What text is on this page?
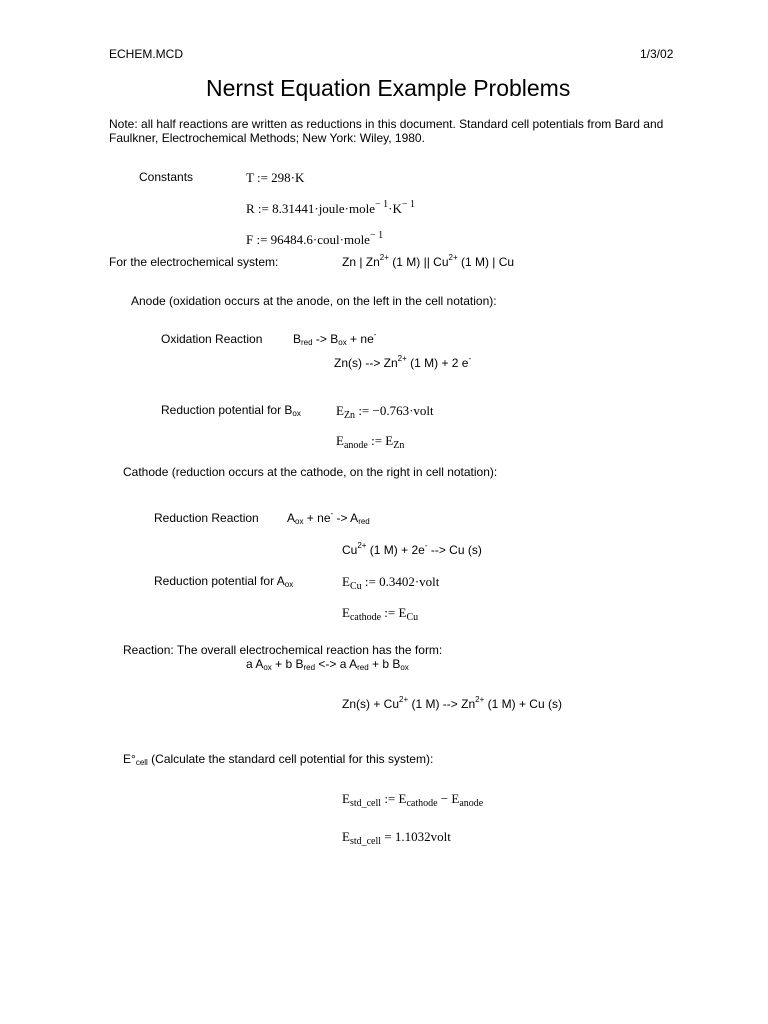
ECHEM.MCD	1/3/02
Nernst Equation Example Problems
Note: all half reactions are written as reductions in this document. Standard cell potentials from Bard and
Faulkner, Electrochemical Methods; New York: Wiley, 1980.
Constants	T := 298·K
R := $8.31441\cdot joule\cdot mole^{- 1}\cdot K^{- 1}$
F := 96484.6·coul·mole$^{- 1}$
For the electrochemical system:	Zn | $Zn^{2+}$ (1 M) || $Cu^{2+}$ (1 M) | Cu
Anode (oxidation occurs at the anode, on the left in the cell notation):
Oxidation Reaction	$B_{red} -> B_{ox} + ne^-$
Zn(s) --> $Zn^{2+}$ (1 M) + 2 e-
Reduction potential for $B_{ox}$	$E_{Zn}$ := −0.763·volt
$E_{anode}$ := $E_{Zn}$
Cathode (reduction occurs at the cathode, on the right in cell notation):
Reduction Reaction $A_{ox} + ne^- -> A_{red}$
$Cu^{2+}$ (1 M) + 2e- --> Cu (s)
Reduction potential for $A_{ox}$	$E_{Cu}$ := 0.3402·volt
$E_{cathode}$ := $E_{Cu}$
Reaction: The overall electrochemical reaction has the form:
a $A_{ox} + b$ $B_{red}$ <-> a $A_{red} + b$ $B_{ox}$
$Zn(s) + Cu^{2+}$ (1 M) --> $Zn^{2+}$ (1 M) + Cu (s)
$E^\circ_{cell}$ (Calculate the standard cell potential for this system):
$E_{std\_cell}$ := $E_{cathode} - E_{anode}$
$E_{std\_cell}$ = 1.1032volt
